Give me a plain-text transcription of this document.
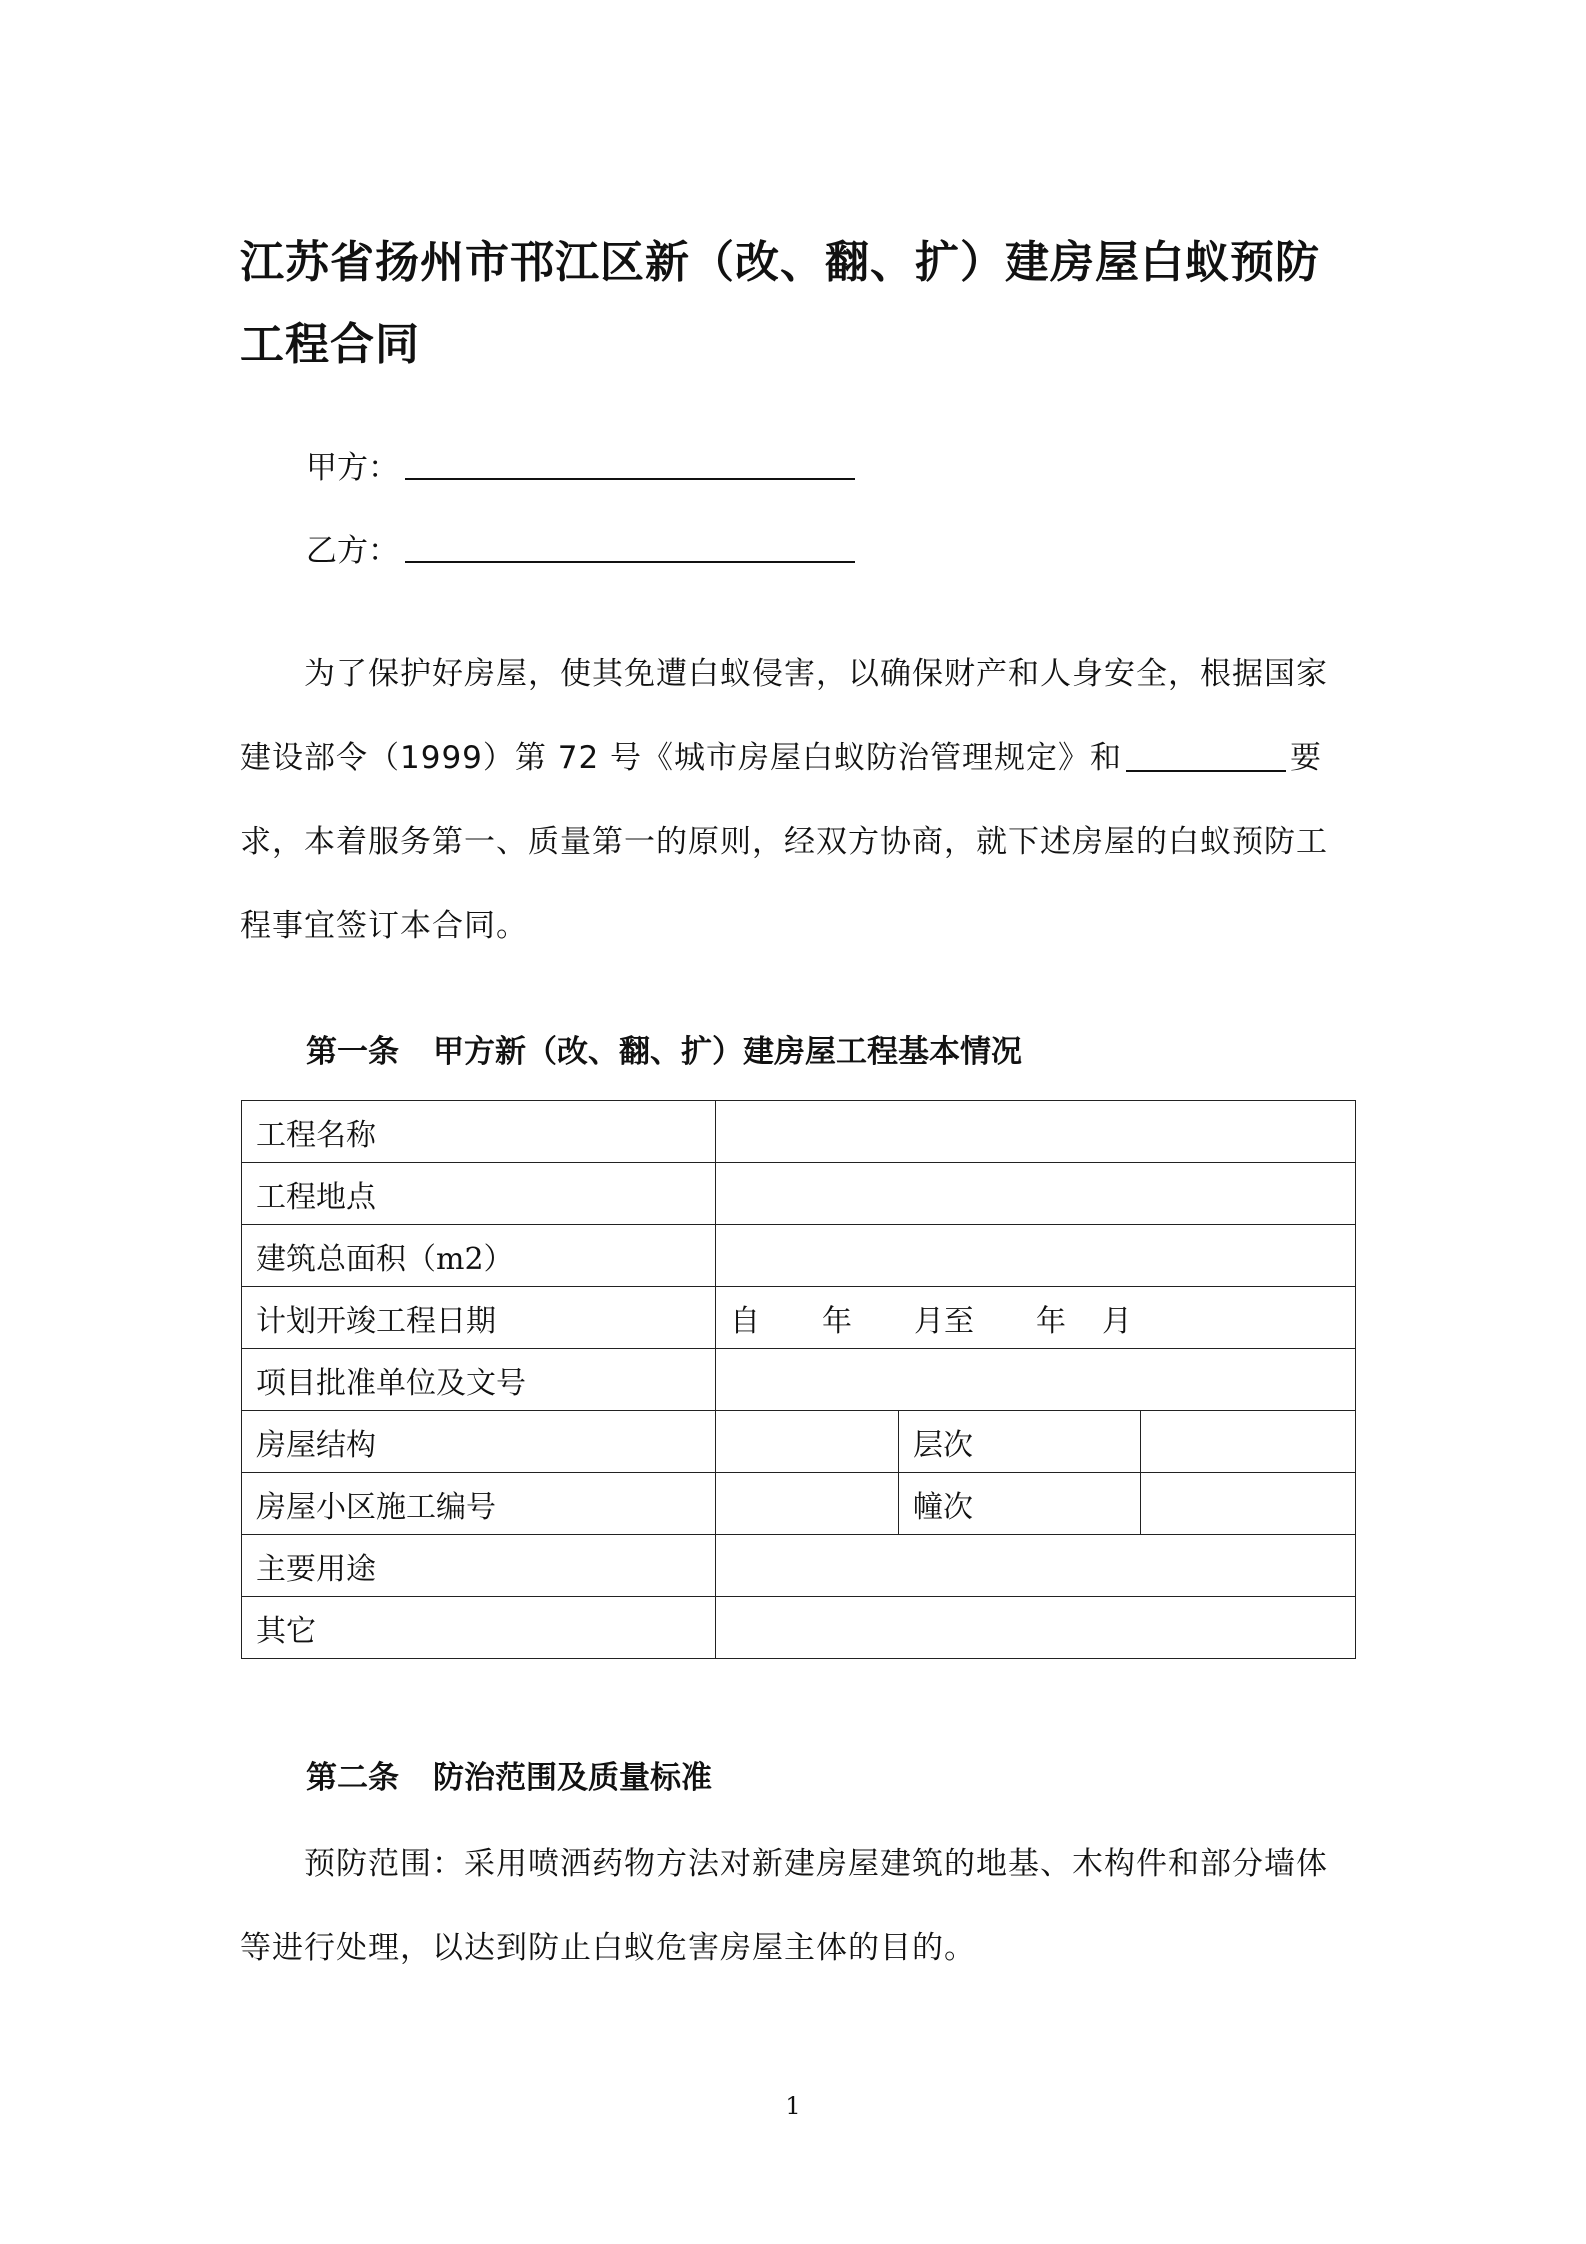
江苏省扬州市邗江区新（改、翻、扩）建房屋白蚁预防工程合同
甲方：
乙方：

为了保护好房屋，使其免遭白蚁侵害，以确保财产和人身安全，根据国家建设部令（1999）第 72 号《城市房屋白蚁防治管理规定》和	要求，本着服务第一、质量第一的原则，经双方协商，就下述房屋的白蚁预防工程事宜签订本合同。

第一条 甲方新（改、翻、扩）建房屋工程基本情况

工程名称			
工程地点			
建筑总面积（m2）			
计划开竣工程日期	自 年 月至 年 月		
项目批准单位及文号			
房屋结构		层次	
房屋小区施工编号		幢次	
主要用途			
其它			

第二条 防治范围及质量标准

预防范围：采用喷洒药物方法对新建房屋建筑的地基、木构件和部分墙体等进行处理，以达到防止白蚁危害房屋主体的目的。

1
